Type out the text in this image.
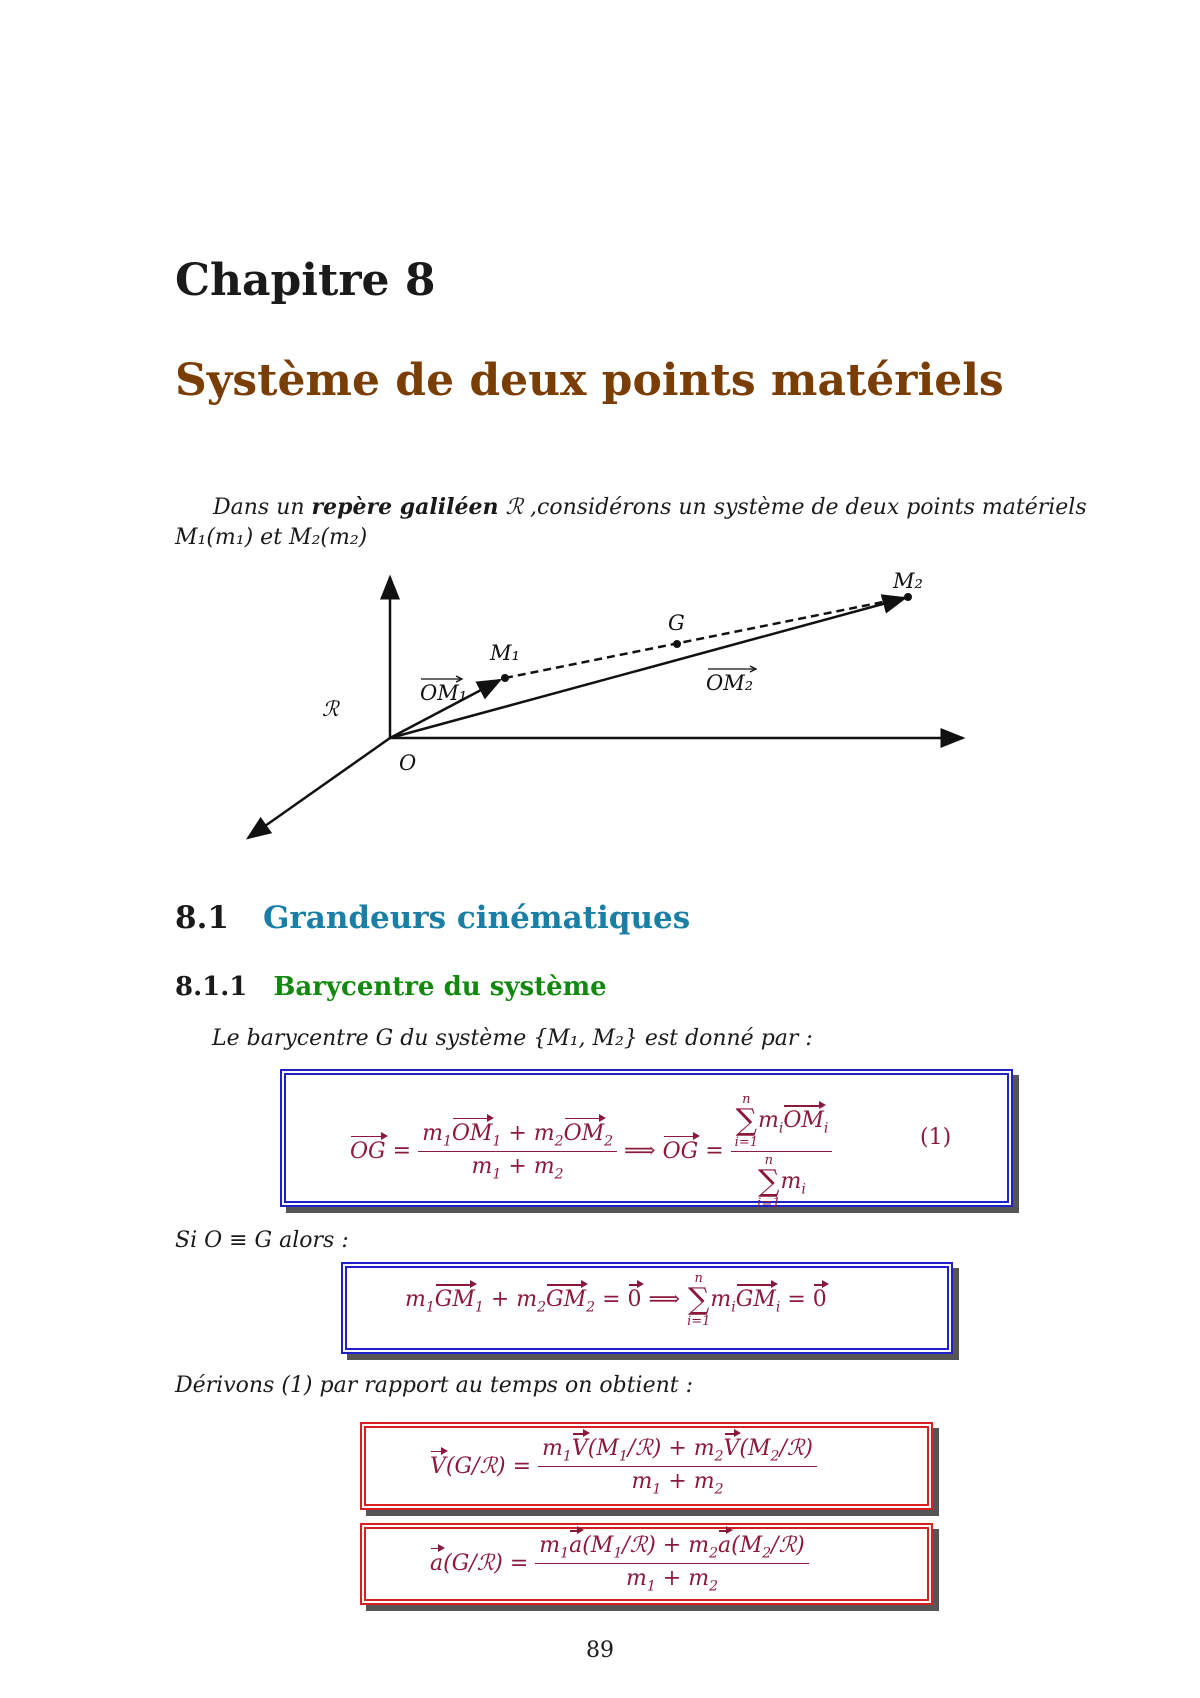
Chapitre 8
Système de deux points matériels
Dans un repère galiléen ℛ ,considérons un système de deux points matériels
M₁(m₁) et M₂(m₂)
M₂
G
M₁
OM₁	OM₂
ℛ
O
8.1 Grandeurs cinématiques
8.1.1 Barycentre du système
Le barycentre G du système {M₁, M₂} est donné par :
OG = $\frac{m_1OM_1 + m_2OM_2}{m_1 + m_2}$ ⟹ OG = n
∑
i=1
$m_iOM_i$
n
∑
i=1
$m_i$	(1)
Si O ≡ G alors :
$m_1GM_1 + m_2GM_2 = 0$ ⟹
n
∑
i=1
$m_iGM_i = 0$
Dérivons (1) par rapport au temps on obtient :
V(G/ℛ) = $\frac{m_1V(M_1/ℛ) + m_2V(M_2/ℛ)}{m_1 + m_2}$
a(G/ℛ) = $\frac{m_1a(M_1/ℛ) + m_2a(M_2/ℛ)}{m_1 + m_2}$
89
